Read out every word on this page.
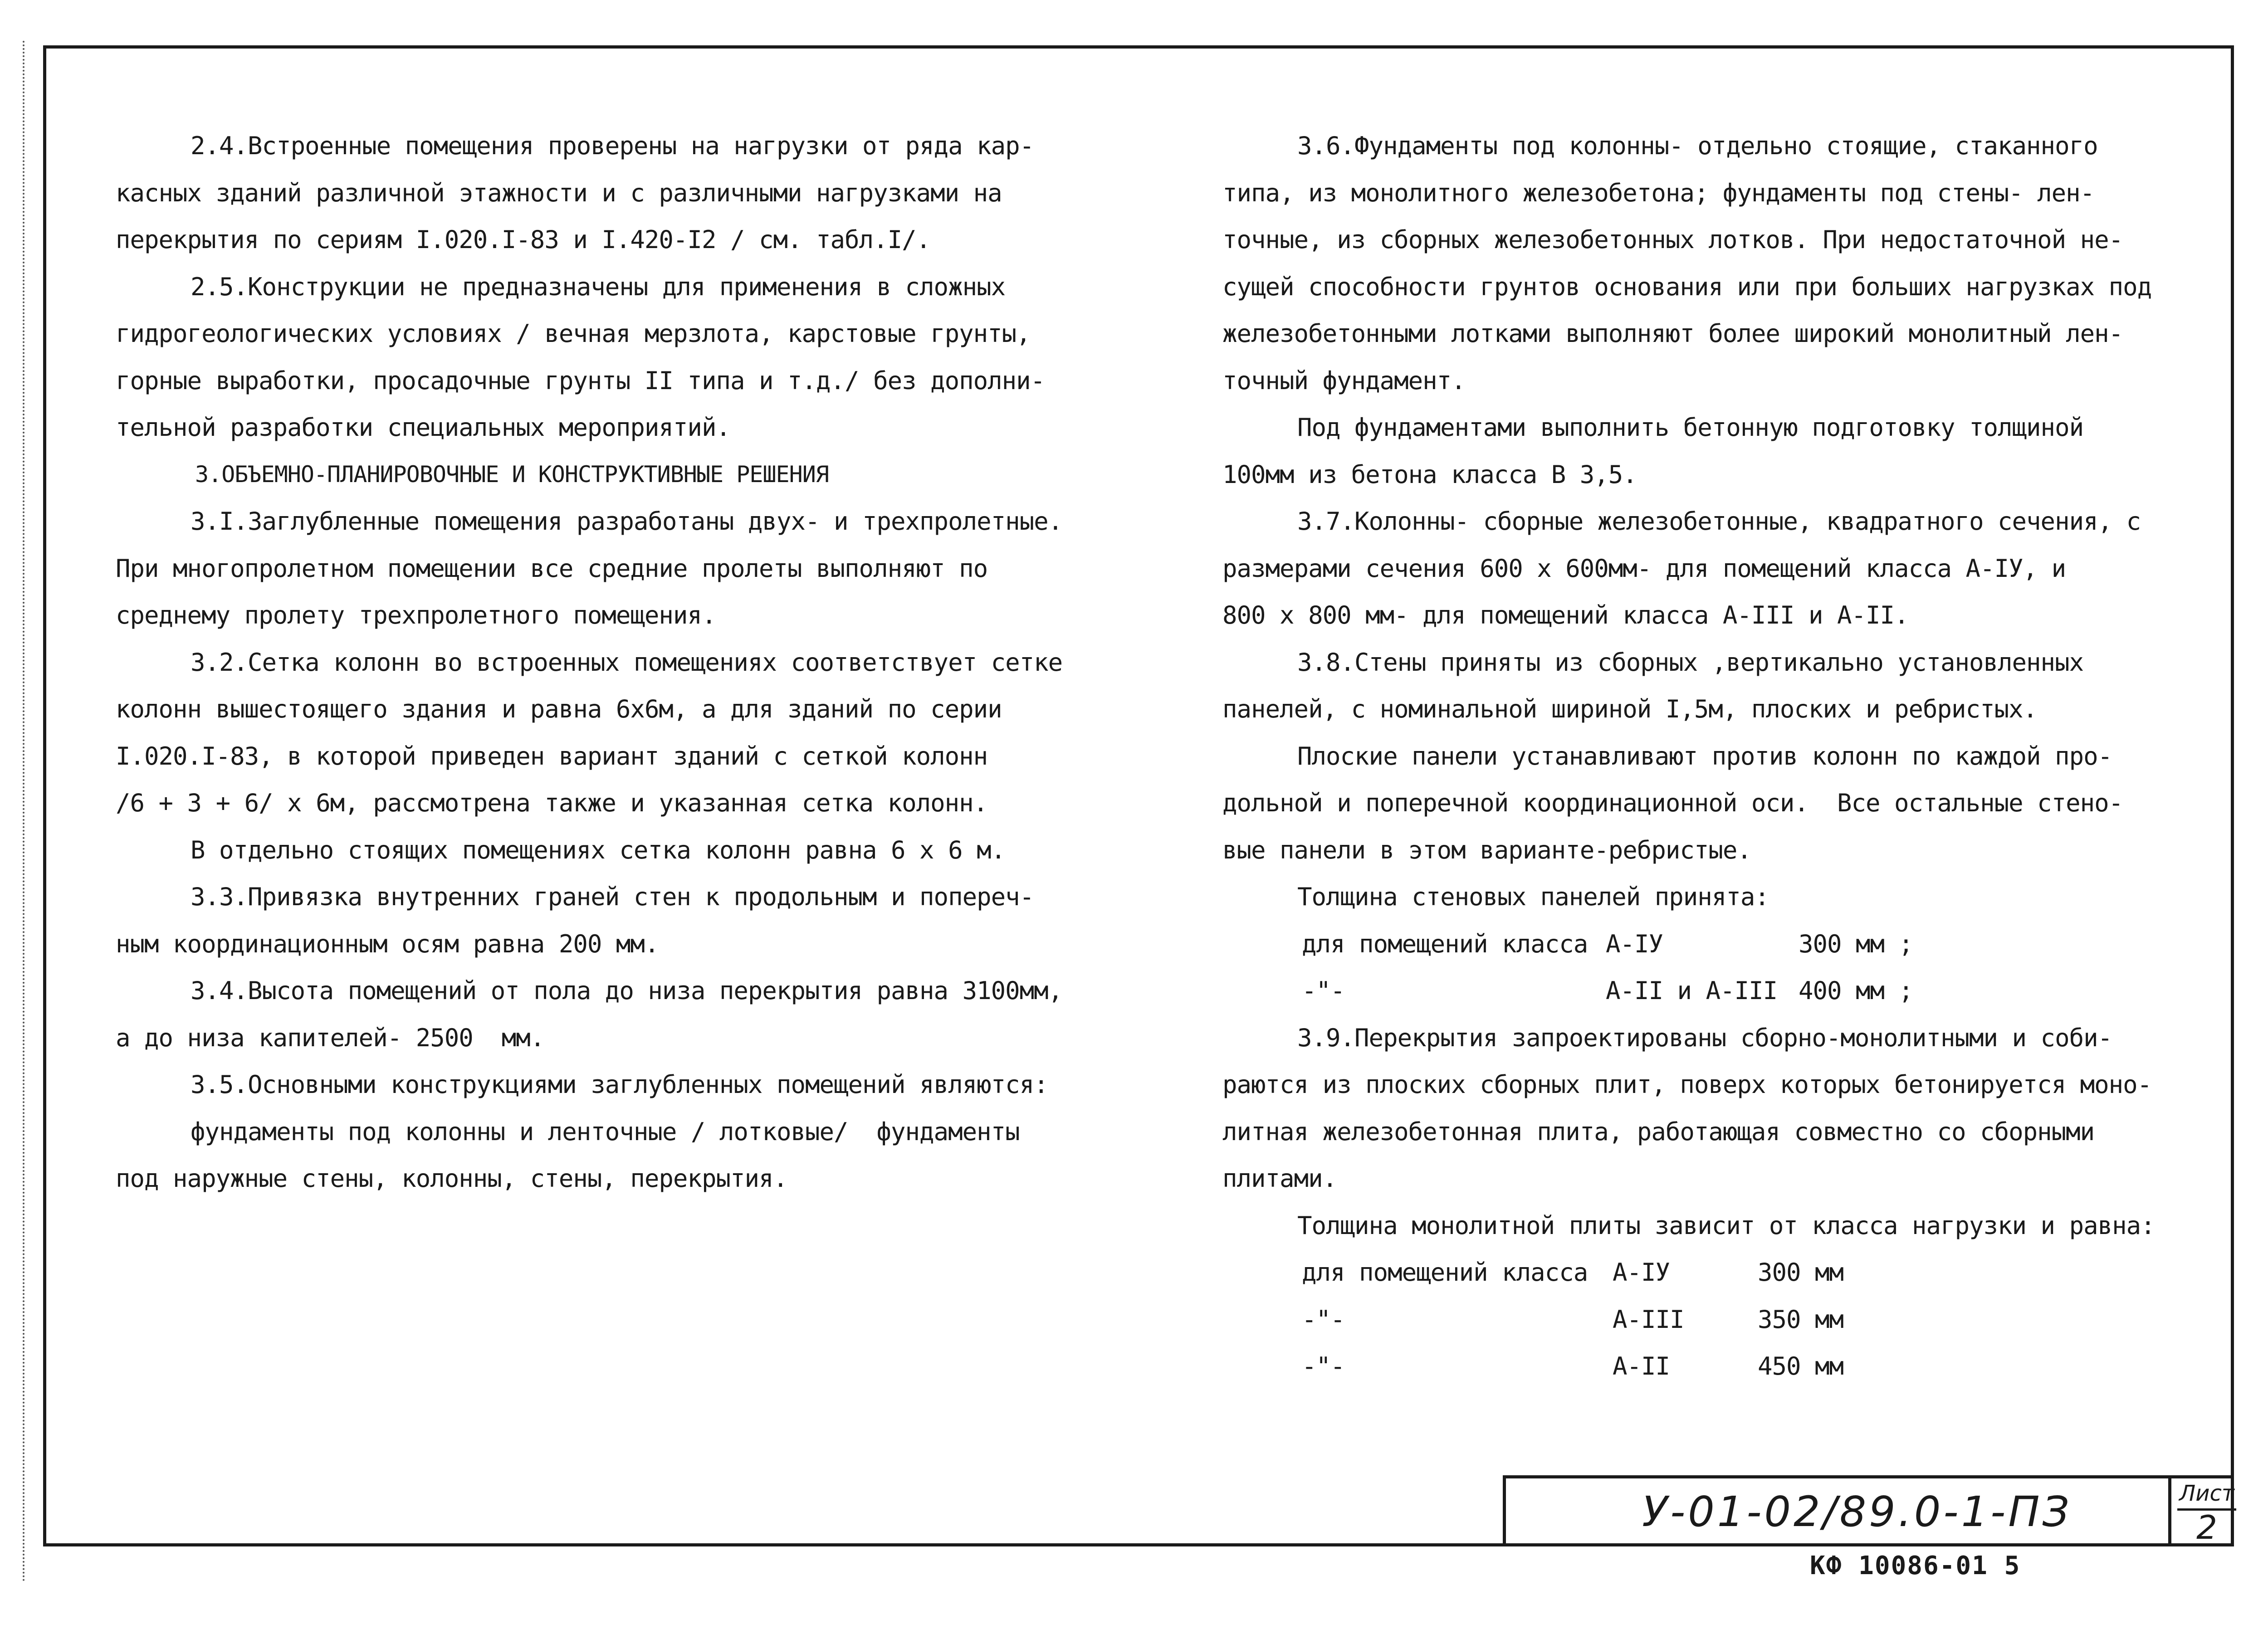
2.4.Встроенные помещения проверены на нагрузки от ряда кар-
касных зданий различной этажности и с различными нагрузками на
перекрытия по сериям I.020.I-83 и I.420-I2 / см. табл.I/.
2.5.Конструкции не предназначены для применения в сложных
гидрогеологических условиях / вечная мерзлота, карстовые грунты,
горные выработки, просадочные грунты II типа и т.д./ без дополни-
тельной разработки специальных мероприятий.
3.ОБЪЕМНО-ПЛАНИРОВОЧНЫЕ И КОНСТРУКТИВНЫЕ РЕШЕНИЯ
3.I.Заглубленные помещения разработаны двух- и трехпролетные.
При многопролетном помещении все средние пролеты выполняют по
среднему пролету трехпролетного помещения.
3.2.Сетка колонн во встроенных помещениях соответствует сетке
колонн вышестоящего здания и равна 6х6м, а для зданий по серии
I.020.I-83, в которой приведен вариант зданий с сеткой колонн
/6 + 3 + 6/ х 6м, рассмотрена также и указанная сетка колонн.
В отдельно стоящих помещениях сетка колонн равна 6 х 6 м.
3.3.Привязка внутренних граней стен к продольным и попереч-
ным координационным осям равна 200 мм.
3.4.Высота помещений от пола до низа перекрытия равна 3100мм,
а до низа капителей- 2500  мм.
3.5.Основными конструкциями заглубленных помещений являются:
фундаменты под колонны и ленточные / лотковые/  фундаменты
под наружные стены, колонны, стены, перекрытия.
3.6.Фундаменты под колонны- отдельно стоящие, стаканного
типа, из монолитного железобетона; фундаменты под стены- лен-
точные, из сборных железобетонных лотков. При недостаточной не-
сущей способности грунтов основания или при больших нагрузках под
железобетонными лотками выполняют более широкий монолитный лен-
точный фундамент.
Под фундаментами выполнить бетонную подготовку толщиной
100мм из бетона класса В 3,5.
3.7.Колонны- сборные железобетонные, квадратного сечения, с
размерами сечения 600 х 600мм- для помещений класса А-IУ, и
800 х 800 мм- для помещений класса А-III и А-II.
3.8.Стены приняты из сборных ,вертикально установленных
панелей, с номинальной шириной I,5м, плоских и ребристых.
Плоские панели устанавливают против колонн по каждой про-
дольной и поперечной координационной оси.  Все остальные стено-
вые панели в этом варианте-ребристые.
Толщина стеновых панелей принята:
для помещений класса А-IУ	300 мм ;
-"-	А-II и А-III 400 мм ;
3.9.Перекрытия запроектированы сборно-монолитными и соби-
раются из плоских сборных плит, поверх которых бетонируется моно-
литная железобетонная плита, работающая совместно со сборными
плитами.
Толщина монолитной плиты зависит от класса нагрузки и равна:
для помещений класса А-IУ	300 мм
-"-	А-III	350 мм
-"-	А-II	450 мм
У-01-02/89.0-1-ПЗ	Лист
2
КФ 10086-01 5
